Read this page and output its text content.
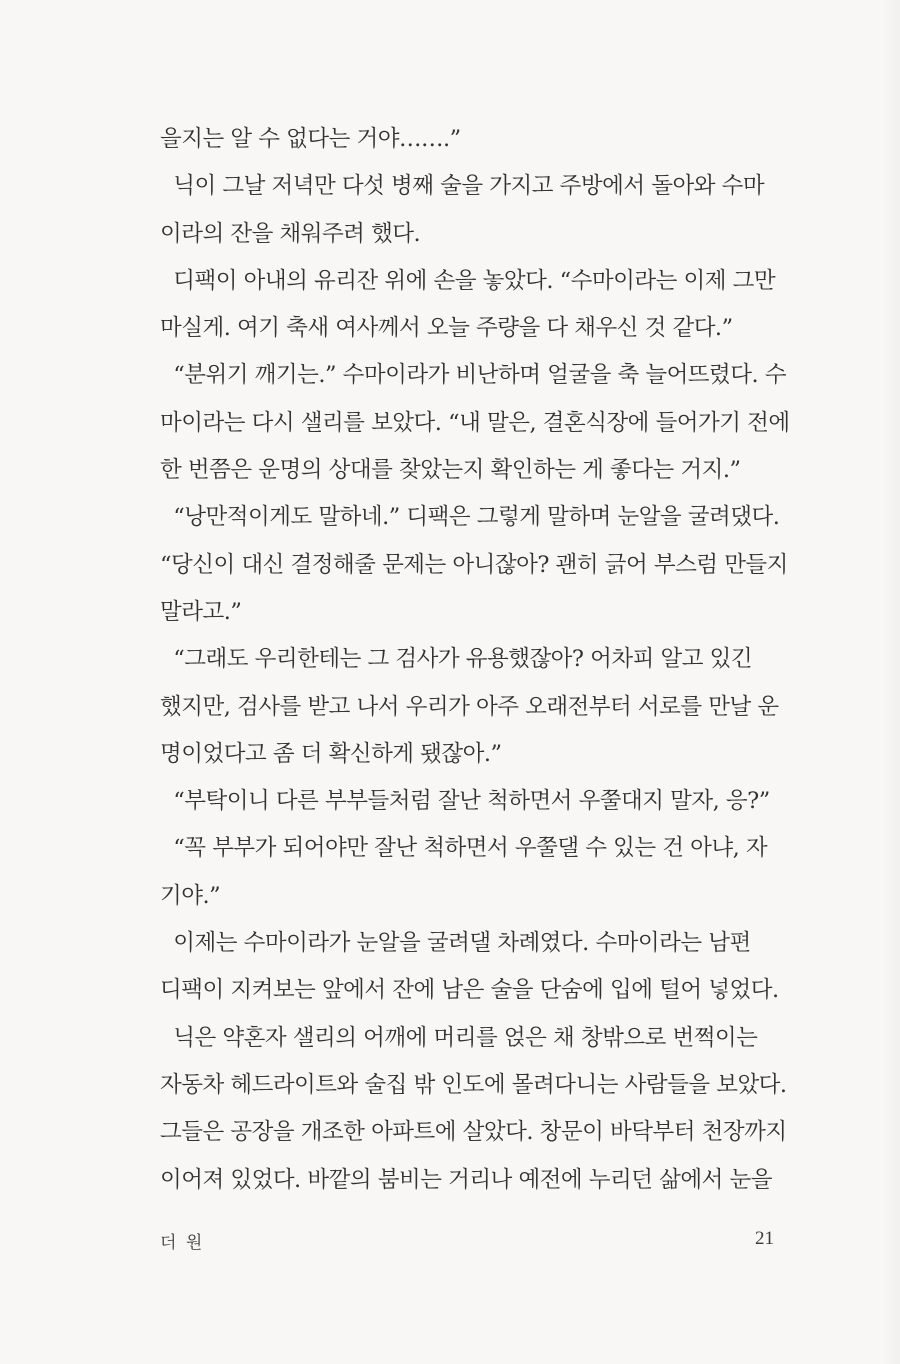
을지는 알 수 없다는 거야…….”
닉이 그날 저녁만 다섯 병째 술을 가지고 주방에서 돌아와 수마
이라의 잔을 채워주려 했다.
디팩이 아내의 유리잔 위에 손을 놓았다. “수마이라는 이제 그만
마실게. 여기 축새 여사께서 오늘 주량을 다 채우신 것 같다.”
“분위기 깨기는.” 수마이라가 비난하며 얼굴을 축 늘어뜨렸다. 수
마이라는 다시 샐리를 보았다. “내 말은, 결혼식장에 들어가기 전에
한 번쯤은 운명의 상대를 찾았는지 확인하는 게 좋다는 거지.”
“낭만적이게도 말하네.” 디팩은 그렇게 말하며 눈알을 굴려댔다.
“당신이 대신 결정해줄 문제는 아니잖아? 괜히 긁어 부스럼 만들지
말라고.”
“그래도 우리한테는 그 검사가 유용했잖아? 어차피 알고 있긴
했지만, 검사를 받고 나서 우리가 아주 오래전부터 서로를 만날 운
명이었다고 좀 더 확신하게 됐잖아.”
“부탁이니 다른 부부들처럼 잘난 척하면서 우쭐대지 말자, 응?”
“꼭 부부가 되어야만 잘난 척하면서 우쭐댈 수 있는 건 아냐, 자
기야.”
이제는 수마이라가 눈알을 굴려댈 차례였다. 수마이라는 남편
디팩이 지켜보는 앞에서 잔에 남은 술을 단숨에 입에 털어 넣었다.
닉은 약혼자 샐리의 어깨에 머리를 얹은 채 창밖으로 번쩍이는
자동차 헤드라이트와 술집 밖 인도에 몰려다니는 사람들을 보았다.
그들은 공장을 개조한 아파트에 살았다. 창문이 바닥부터 천장까지
이어져 있었다. 바깥의 붐비는 거리나 예전에 누리던 삶에서 눈을
더 원	21
